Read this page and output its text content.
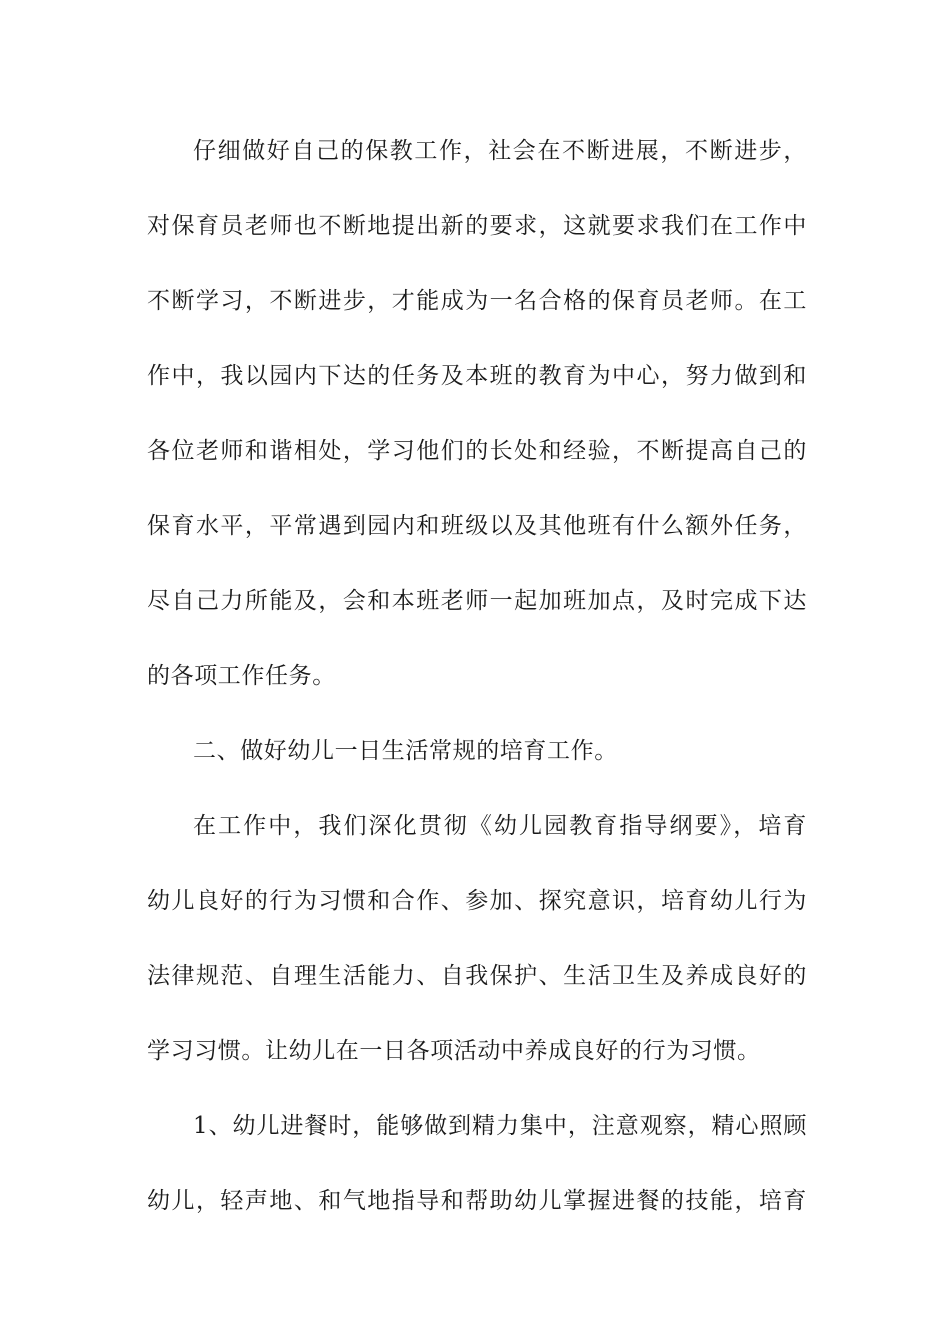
仔细做好自己的保教工作，社会在不断进展，不断进步，
对保育员老师也不断地提出新的要求，这就要求我们在工作中
不断学习，不断进步，才能成为一名合格的保育员老师。在工
作中，我以园内下达的任务及本班的教育为中心，努力做到和
各位老师和谐相处，学习他们的长处和经验，不断提高自己的
保育水平，平常遇到园内和班级以及其他班有什么额外任务，
尽自己力所能及，会和本班老师一起加班加点，及时完成下达
的各项工作任务。
二、做好幼儿一日生活常规的培育工作。
在工作中，我们深化贯彻《幼儿园教育指导纲要》，培育
幼儿良好的行为习惯和合作、参加、探究意识，培育幼儿行为
法律规范、自理生活能力、自我保护、生活卫生及养成良好的
学习习惯。让幼儿在一日各项活动中养成良好的行为习惯。
1、幼儿进餐时，能够做到精力集中，注意观察，精心照顾
幼儿，轻声地、和气地指导和帮助幼儿掌握进餐的技能，培育
